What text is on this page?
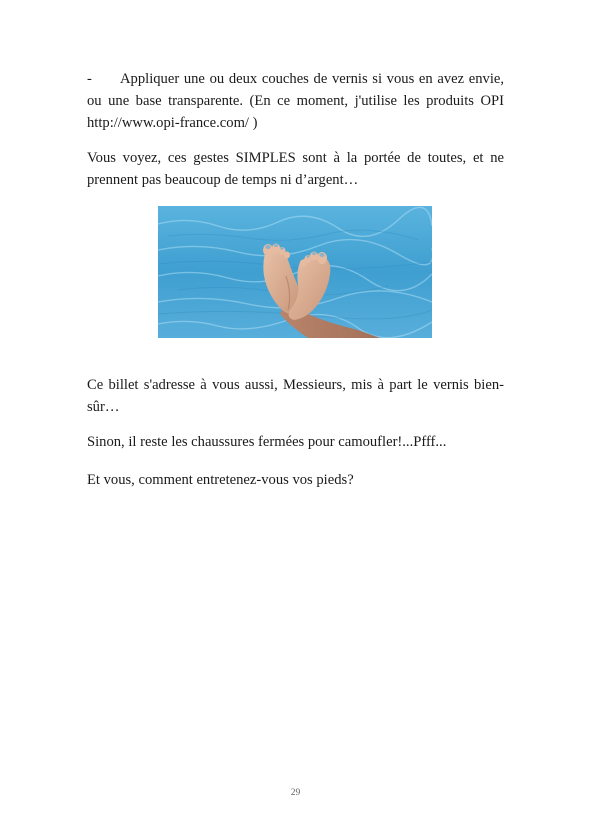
- Appliquer une ou deux couches de vernis si vous en avez envie, ou une base transparente. (En ce moment, j'utilise les produits OPI http://www.opi-france.com/ )

Vous voyez, ces gestes SIMPLES sont à la portée de toutes, et ne prennent pas beaucoup de temps ni d’argent…

Ce billet s'adresse à vous aussi, Messieurs, mis à part le vernis bien-sûr…

Sinon, il reste les chaussures fermées pour camoufler!...Pfff...

Et vous, comment entretenez-vous vos pieds?

29
